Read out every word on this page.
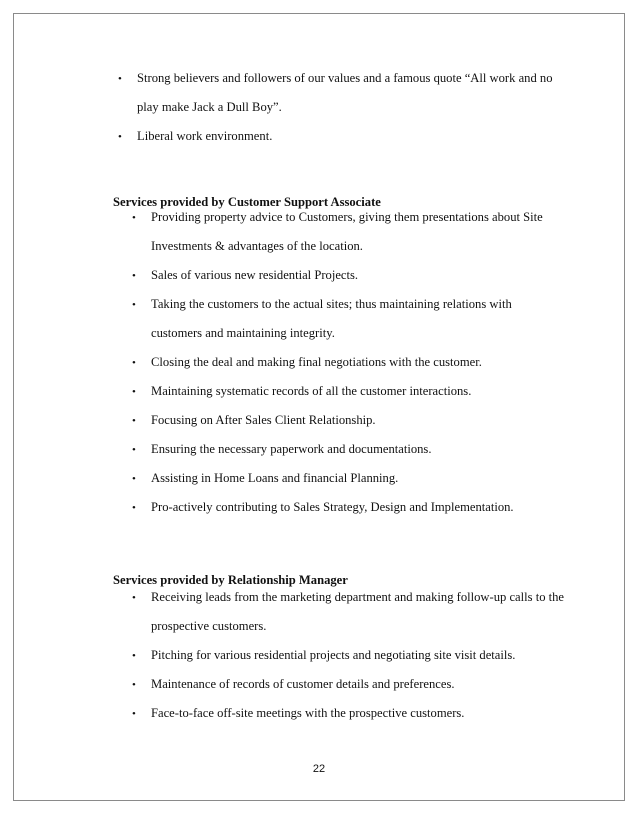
• Strong believers and followers of our values and a famous quote “All work and no
play make Jack a Dull Boy”.
• Liberal work environment.
Services provided by Customer Support Associate
• Providing property advice to Customers, giving them presentations about Site
Investments & advantages of the location.
• Sales of various new residential Projects.
• Taking the customers to the actual sites; thus maintaining relations with
customers and maintaining integrity.
• Closing the deal and making final negotiations with the customer.
• Maintaining systematic records of all the customer interactions.
• Focusing on After Sales Client Relationship.
• Ensuring the necessary paperwork and documentations.
• Assisting in Home Loans and financial Planning.
• Pro-actively contributing to Sales Strategy, Design and Implementation.
Services provided by Relationship Manager
• Receiving leads from the marketing department and making follow-up calls to the
prospective customers.
• Pitching for various residential projects and negotiating site visit details.
• Maintenance of records of customer details and preferences.
• Face-to-face off-site meetings with the prospective customers.
22
